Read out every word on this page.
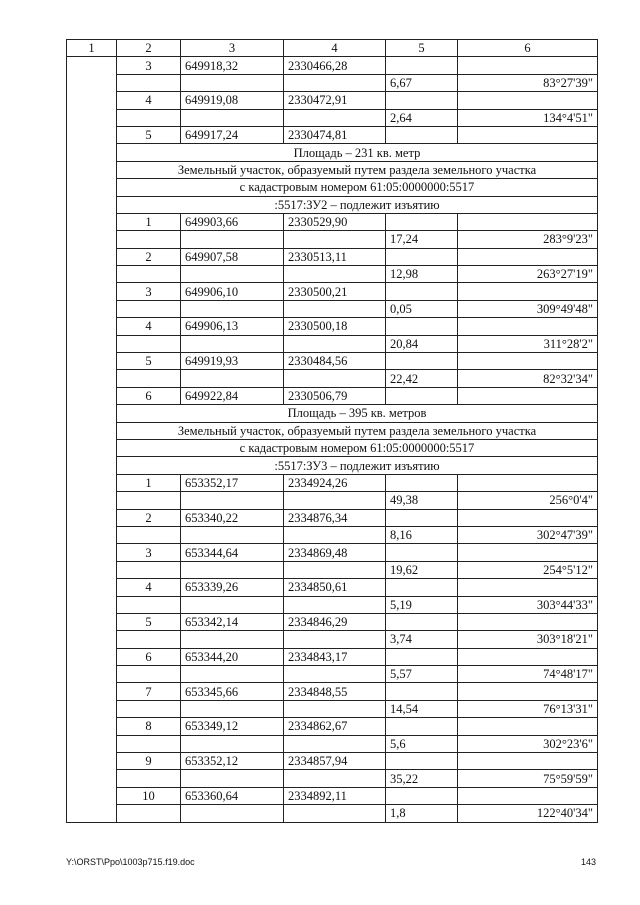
1	2	3	4	5	6
	3	649918,32	2330466,28		
				6,67	83°27'39"
	4	649919,08	2330472,91		
				2,64	134°4'51"
	5	649917,24	2330474,81		
	Площадь – 231 кв. метр				
	Земельный участок, образуемый путем раздела земельного участка				
	с кадастровым номером 61:05:0000000:5517				
	:5517:ЗУ2 – подлежит изъятию				
	1	649903,66	2330529,90		
				17,24	283°9'23"
	2	649907,58	2330513,11		
				12,98	263°27'19"
	3	649906,10	2330500,21		
				0,05	309°49'48"
	4	649906,13	2330500,18		
				20,84	311°28'2"
	5	649919,93	2330484,56		
				22,42	82°32'34"
	6	649922,84	2330506,79		
	Площадь – 395 кв. метров				
	Земельный участок, образуемый путем раздела земельного участка				
	с кадастровым номером 61:05:0000000:5517				
	:5517:ЗУ3 – подлежит изъятию				
	1	653352,17	2334924,26		
				49,38	256°0'4"
	2	653340,22	2334876,34		
				8,16	302°47'39"
	3	653344,64	2334869,48		
				19,62	254°5'12"
	4	653339,26	2334850,61		
				5,19	303°44'33"
	5	653342,14	2334846,29		
				3,74	303°18'21"
	6	653344,20	2334843,17		
				5,57	74°48'17"
	7	653345,66	2334848,55		
				14,54	76°13'31"
	8	653349,12	2334862,67		
				5,6	302°23'6"
	9	653352,12	2334857,94		
				35,22	75°59'59"
	10	653360,64	2334892,11		
				1,8	122°40'34"
Y:\ORST\Ppo\1003p715.f19.doc	143
